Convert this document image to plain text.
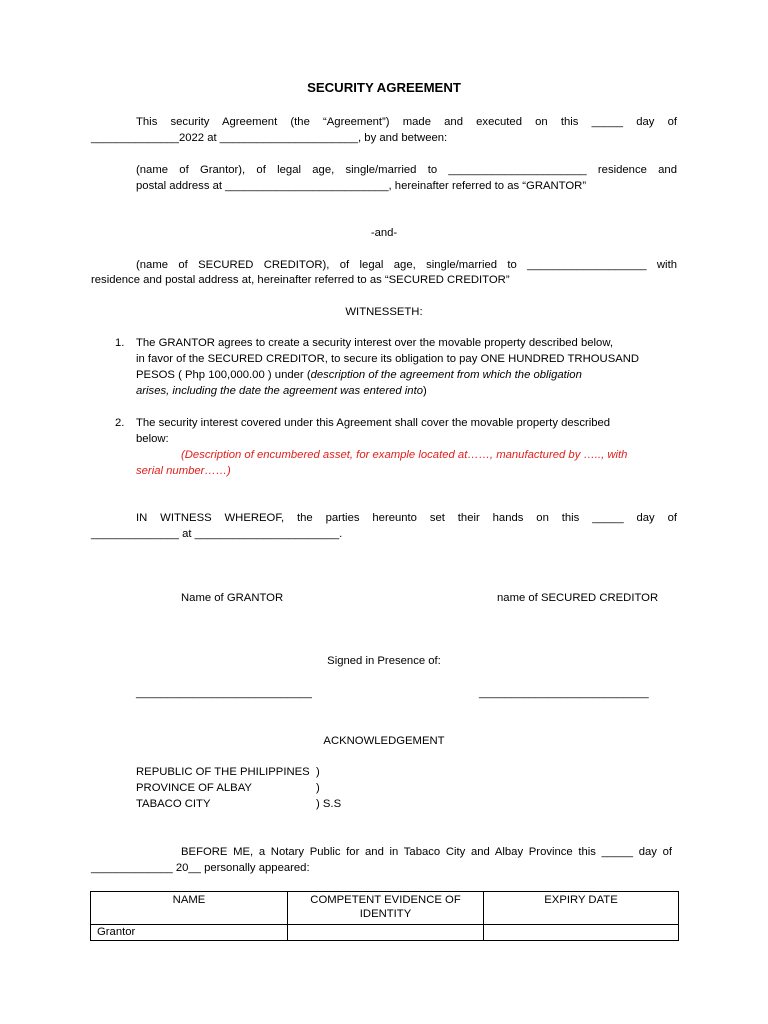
SECURITY AGREEMENT
This security Agreement (the “Agreement”) made and executed on this _____ day of
______________2022 at ______________________, by and between:
(name of Grantor), of legal age, single/married to ______________________ residence and
postal address at __________________________, hereinafter referred to as “GRANTOR”
-and-
(name of SECURED CREDITOR), of legal age, single/married to ___________________ with
residence and postal address at, hereinafter referred to as “SECURED CREDITOR”
WITNESSETH:
1. The GRANTOR agrees to create a security interest over the movable property described below,
in favor of the SECURED CREDITOR, to secure its obligation to pay ONE HUNDRED TRHOUSAND
PESOS ( Php 100,000.00 ) under (description of the agreement from which the obligation
arises, including the date the agreement was entered into)
2. The security interest covered under this Agreement shall cover the movable property described
below:
(Description of encumbered asset, for example located at……, manufactured by ….., with
serial number……)
IN WITNESS WHEREOF, the parties hereunto set their hands on this _____ day of
______________ at _______________________.
Name of GRANTOR	name of SECURED CREDITOR
Signed in Presence of:
____________________________	___________________________
ACKNOWLEDGEMENT
REPUBLIC OF THE PHILIPPINES )
PROVINCE OF ALBAY	)
TABACO CITY	) S.S
BEFORE ME, a Notary Public for and in Tabaco City and Albay Province this _____ day of
_____________ 20__ personally appeared:
NAME	COMPETENT EVIDENCE OF IDENTITY	EXPIRY DATE
Grantor		
